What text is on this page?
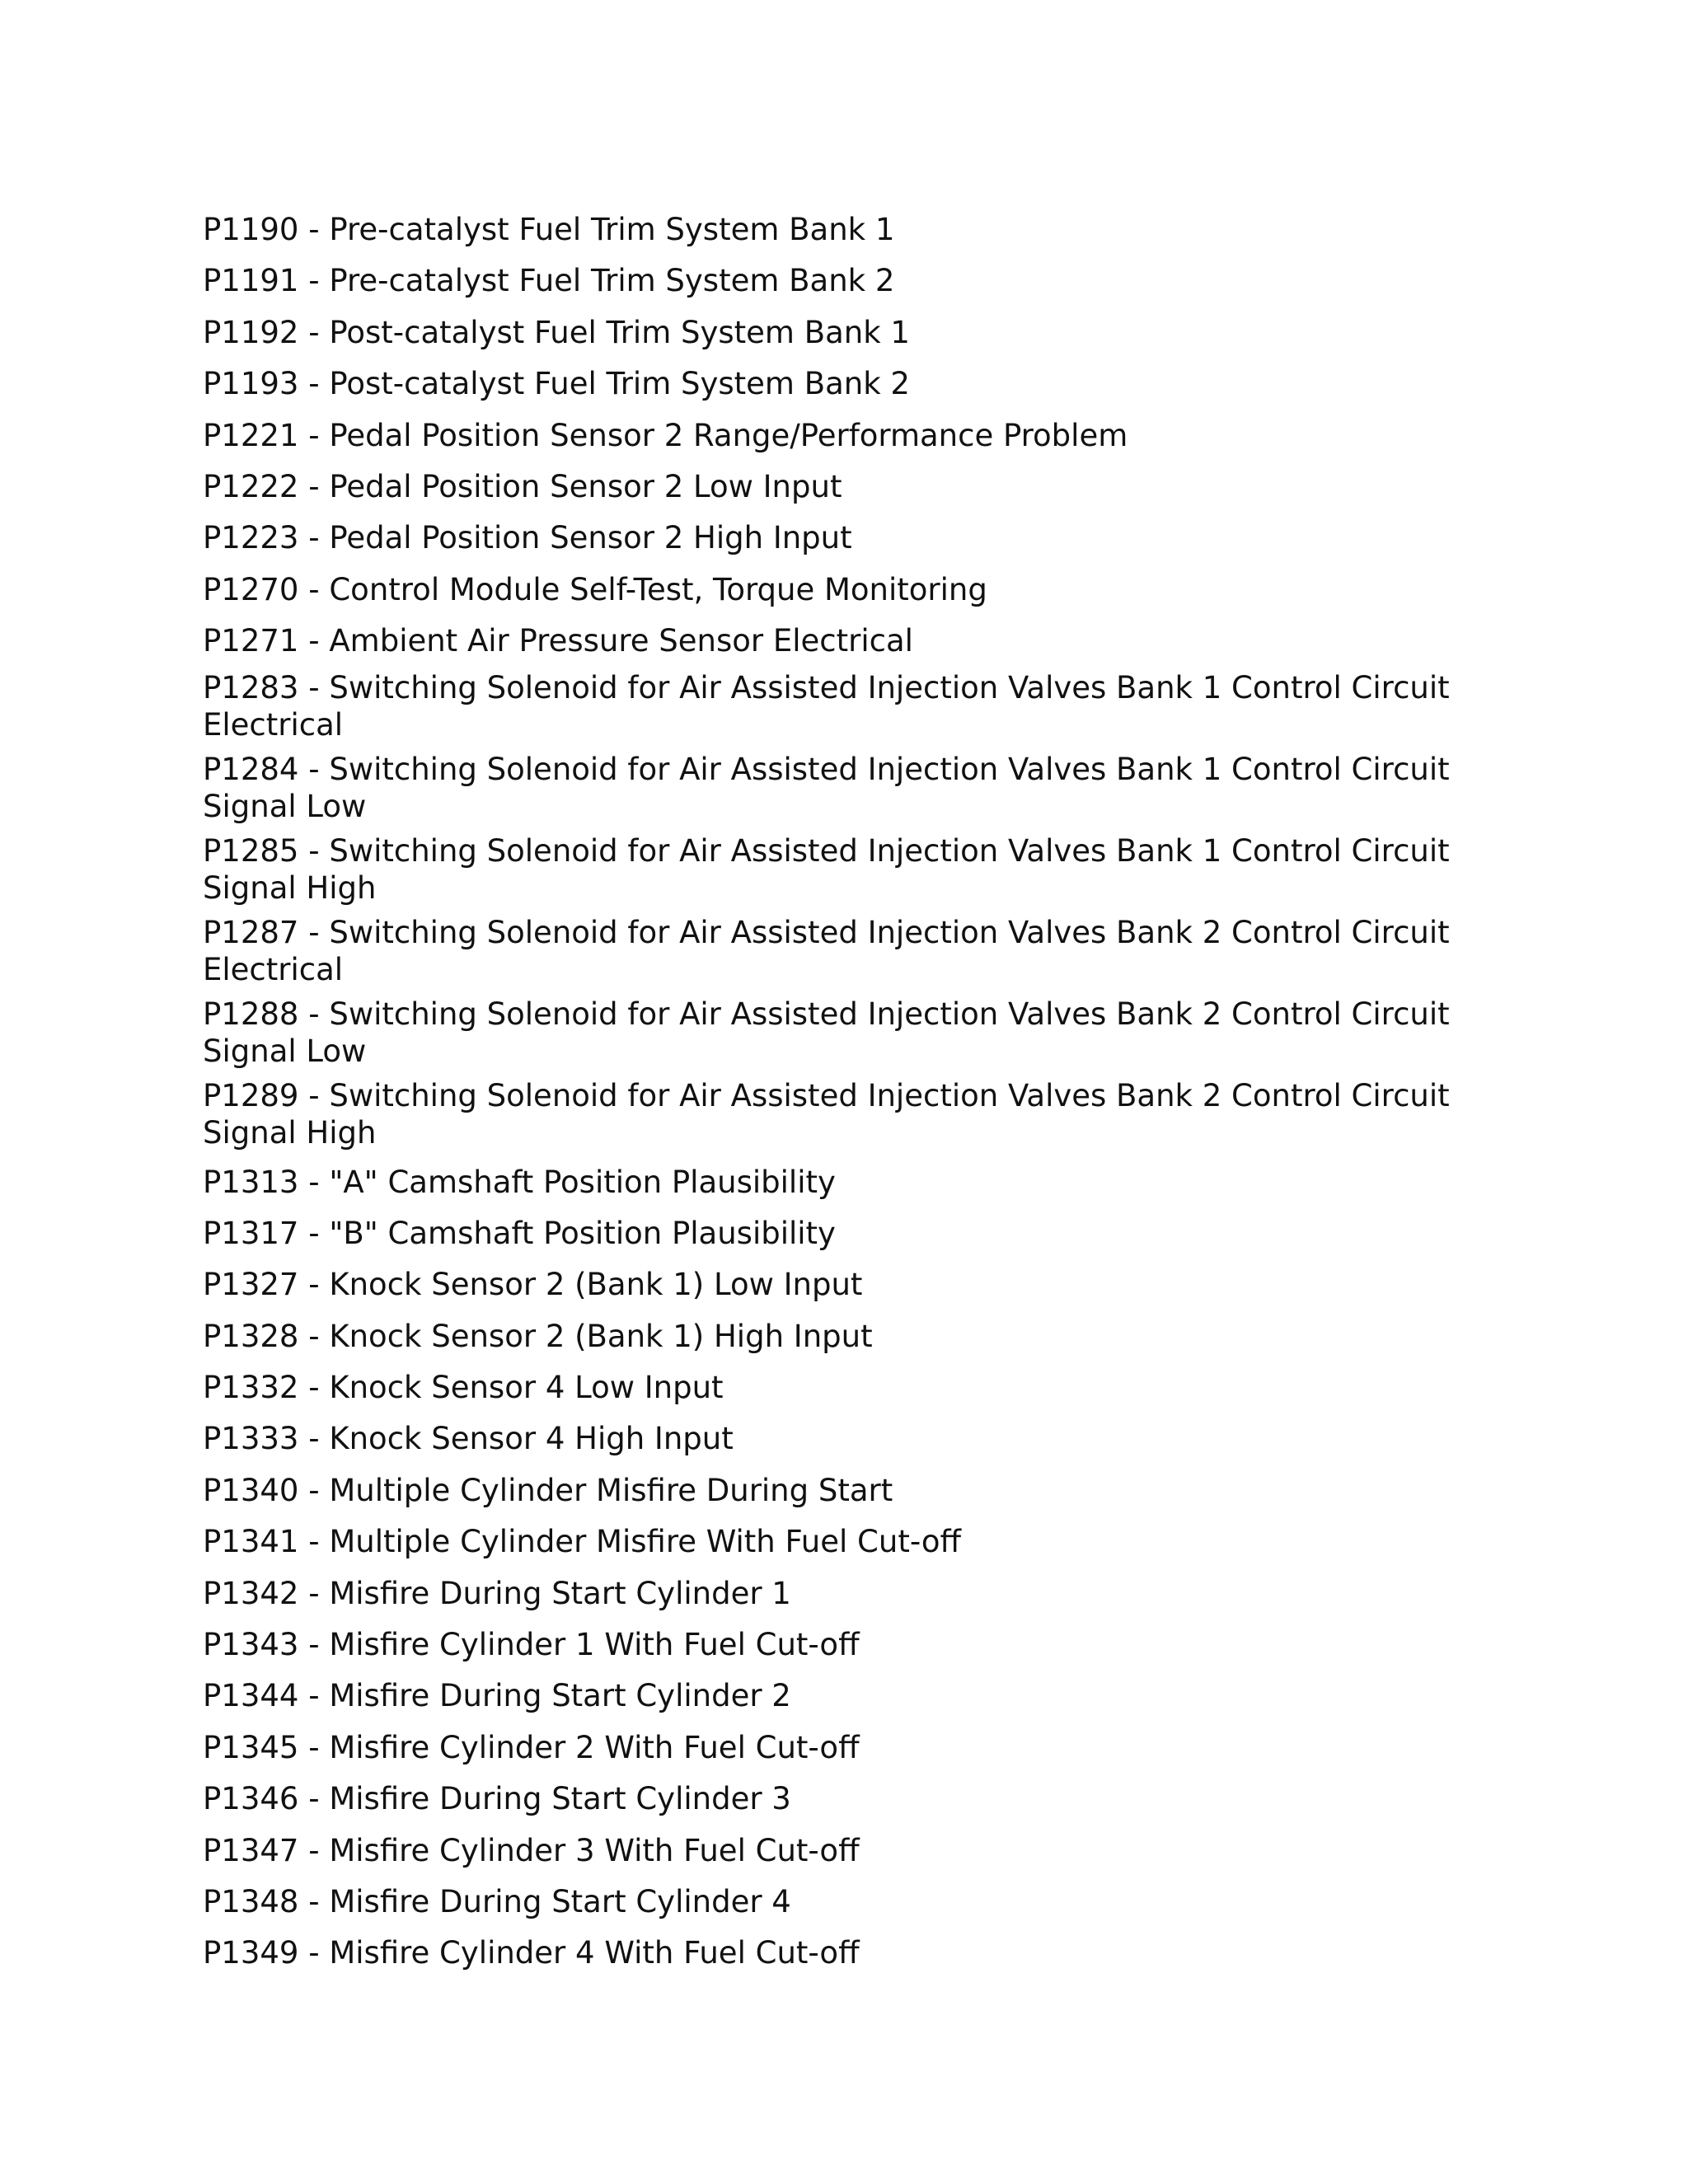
P1190 - Pre-catalyst Fuel Trim System Bank 1
P1191 - Pre-catalyst Fuel Trim System Bank 2
P1192 - Post-catalyst Fuel Trim System Bank 1
P1193 - Post-catalyst Fuel Trim System Bank 2
P1221 - Pedal Position Sensor 2 Range/Performance Problem
P1222 - Pedal Position Sensor 2 Low Input
P1223 - Pedal Position Sensor 2 High Input
P1270 - Control Module Self-Test, Torque Monitoring
P1271 - Ambient Air Pressure Sensor Electrical
P1283 - Switching Solenoid for Air Assisted Injection Valves Bank 1 Control Circuit Electrical
P1284 - Switching Solenoid for Air Assisted Injection Valves Bank 1 Control Circuit Signal Low
P1285 - Switching Solenoid for Air Assisted Injection Valves Bank 1 Control Circuit Signal High
P1287 - Switching Solenoid for Air Assisted Injection Valves Bank 2 Control Circuit Electrical
P1288 - Switching Solenoid for Air Assisted Injection Valves Bank 2 Control Circuit Signal Low
P1289 - Switching Solenoid for Air Assisted Injection Valves Bank 2 Control Circuit Signal High
P1313 - "A" Camshaft Position Plausibility
P1317 - "B" Camshaft Position Plausibility
P1327 - Knock Sensor 2 (Bank 1) Low Input
P1328 - Knock Sensor 2 (Bank 1) High Input
P1332 - Knock Sensor 4 Low Input
P1333 - Knock Sensor 4 High Input
P1340 - Multiple Cylinder Misfire During Start
P1341 - Multiple Cylinder Misfire With Fuel Cut-off
P1342 - Misfire During Start Cylinder 1
P1343 - Misfire Cylinder 1 With Fuel Cut-off
P1344 - Misfire During Start Cylinder 2
P1345 - Misfire Cylinder 2 With Fuel Cut-off
P1346 - Misfire During Start Cylinder 3
P1347 - Misfire Cylinder 3 With Fuel Cut-off
P1348 - Misfire During Start Cylinder 4
P1349 - Misfire Cylinder 4 With Fuel Cut-off
